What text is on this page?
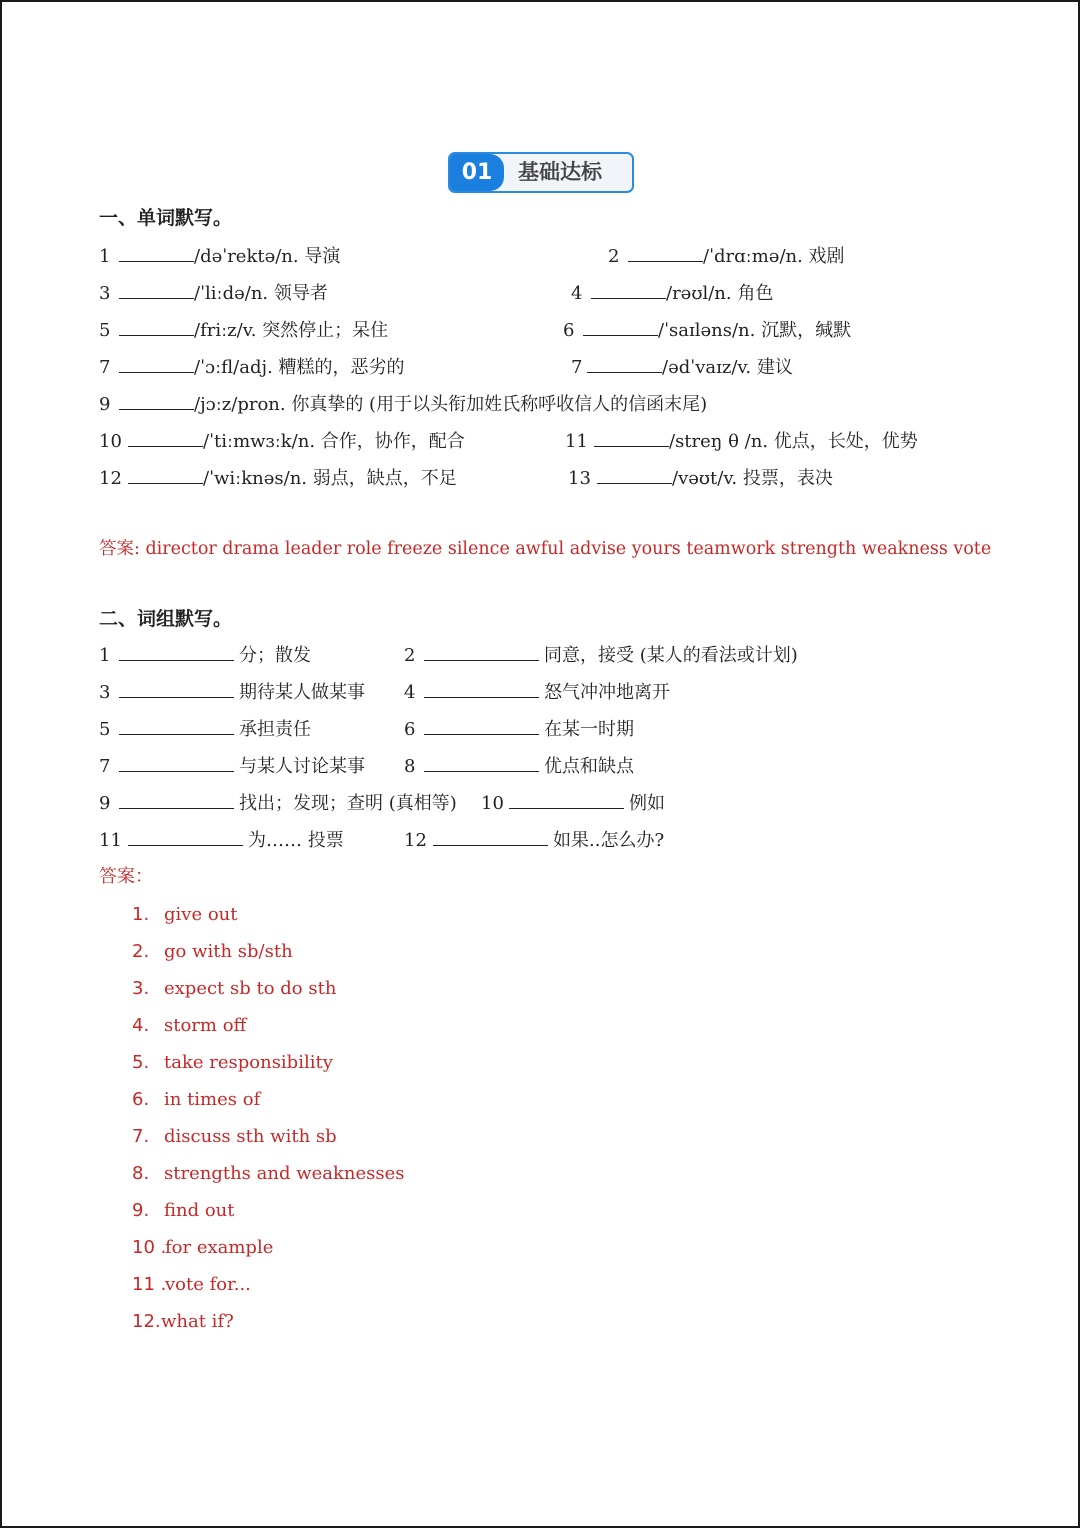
01	基础达标
一、单词默写。
1	/dəˈrektə/n. 导演	2	/ˈdrɑːmə/n. 戏剧
3	/ˈliːdə/n. 领导者	4	/rəʊl/n. 角色
5	/friːz/v. 突然停止；呆住	6	/ˈsaɪləns/n. 沉默，缄默
7	/ˈɔːfl/adj. 糟糕的，恶劣的	7	/ədˈvaɪz/v. 建议
9	/jɔːz/pron. 你真挚的 (用于以头衔加姓氏称呼收信人的信函末尾)
10	/ˈtiːmwɜːk/n. 合作，协作，配合	11	/streŋ θ /n. 优点，长处，优势
12	/ˈwiːknəs/n. 弱点，缺点，不足	13	/vəʊt/v. 投票，表决
答案: director drama leader role freeze silence awful advise yours teamwork strength weakness vote
二、词组默写。
1	分；散发	2	同意，接受 (某人的看法或计划)
3	期待某人做某事 4	怒气冲冲地离开
5	承担责任	6	在某一时期
7	与某人讨论某事 8	优点和缺点
9	找出；发现；查明 (真相等) 10	例如
11	为…… 投票	12	如果..怎么办?
答案：
1. give out
2. go with sb/sth
3. expect sb to do sth
4. storm off
5. take responsibility
6. in times of
7. discuss sth with sb
8. strengths and weaknesses
9. find out
10 .for example
11 .vote for...
12.what if?
